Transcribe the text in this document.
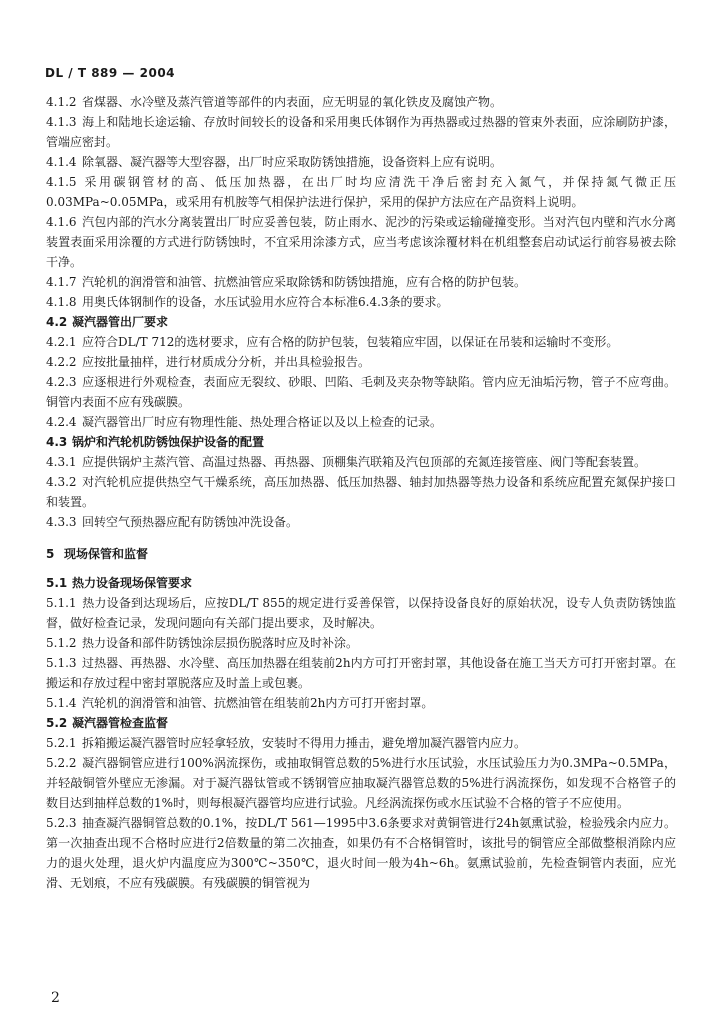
DL / T 889 — 2004

4.1.2 省煤器、水冷壁及蒸汽管道等部件的内表面，应无明显的氧化铁皮及腐蚀产物。

4.1.3 海上和陆地长途运输、存放时间较长的设备和采用奥氏体钢作为再热器或过热器的管束外表面，应涂刷防护漆，管端应密封。

4.1.4 除氧器、凝汽器等大型容器，出厂时应采取防锈蚀措施，设备资料上应有说明。

4.1.5 采用碳钢管材的高、低压加热器，在出厂时均应清洗干净后密封充入氮气，并保持氮气微正压0.03MPa~0.05MPa，或采用有机胺等气相保护法进行保护，采用的保护方法应在产品资料上说明。

4.1.6 汽包内部的汽水分离装置出厂时应妥善包装，防止雨水、泥沙的污染或运输碰撞变形。当对汽包内壁和汽水分离装置表面采用涂覆的方式进行防锈蚀时，不宜采用涂漆方式，应当考虑该涂覆材料在机组整套启动试运行前容易被去除干净。

4.1.7 汽轮机的润滑管和油管、抗燃油管应采取除锈和防锈蚀措施，应有合格的防护包装。

4.1.8 用奥氏体钢制作的设备，水压试验用水应符合本标准6.4.3条的要求。

4.2 凝汽器管出厂要求

4.2.1 应符合DL/T 712的选材要求，应有合格的防护包装，包装箱应牢固，以保证在吊装和运输时不变形。

4.2.2 应按批量抽样，进行材质成分分析，并出具检验报告。

4.2.3 应逐根进行外观检查，表面应无裂纹、砂眼、凹陷、毛刺及夹杂物等缺陷。管内应无油垢污物，管子不应弯曲。铜管内表面不应有残碳膜。

4.2.4 凝汽器管出厂时应有物理性能、热处理合格证以及以上检查的记录。

4.3 锅炉和汽轮机防锈蚀保护设备的配置

4.3.1 应提供锅炉主蒸汽管、高温过热器、再热器、顶棚集汽联箱及汽包顶部的充氮连接管座、阀门等配套装置。

4.3.2 对汽轮机应提供热空气干燥系统，高压加热器、低压加热器、轴封加热器等热力设备和系统应配置充氮保护接口和装置。

4.3.3 回转空气预热器应配有防锈蚀冲洗设备。

5 现场保管和监督

5.1 热力设备现场保管要求

5.1.1 热力设备到达现场后，应按DL/T 855的规定进行妥善保管，以保持设备良好的原始状况，设专人负责防锈蚀监督，做好检查记录，发现问题向有关部门提出要求，及时解决。

5.1.2 热力设备和部件防锈蚀涂层损伤脱落时应及时补涂。

5.1.3 过热器、再热器、水冷壁、高压加热器在组装前2h内方可打开密封罩，其他设备在施工当天方可打开密封罩。在搬运和存放过程中密封罩脱落应及时盖上或包裹。

5.1.4 汽轮机的润滑管和油管、抗燃油管在组装前2h内方可打开密封罩。

5.2 凝汽器管检查监督

5.2.1 拆箱搬运凝汽器管时应轻拿轻放，安装时不得用力捶击，避免增加凝汽器管内应力。

5.2.2 凝汽器铜管应进行100%涡流探伤，或抽取铜管总数的5%进行水压试验，水压试验压力为0.3MPa~0.5MPa，并轻敲铜管外壁应无渗漏。对于凝汽器钛管或不锈钢管应抽取凝汽器管总数的5%进行涡流探伤，如发现不合格管子的数目达到抽样总数的1%时，则每根凝汽器管均应进行试验。凡经涡流探伤或水压试验不合格的管子不应使用。

5.2.3 抽查凝汽器铜管总数的0.1%，按DL/T 561—1995中3.6条要求对黄铜管进行24h氨熏试验，检验残余内应力。第一次抽查出现不合格时应进行2倍数量的第二次抽查，如果仍有不合格铜管时，该批号的铜管应全部做整根消除内应力的退火处理，退火炉内温度应为300℃~350℃，退火时间一般为4h~6h。氨熏试验前，先检查铜管内表面，应光滑、无划痕，不应有残碳膜。有残碳膜的铜管视为

2
